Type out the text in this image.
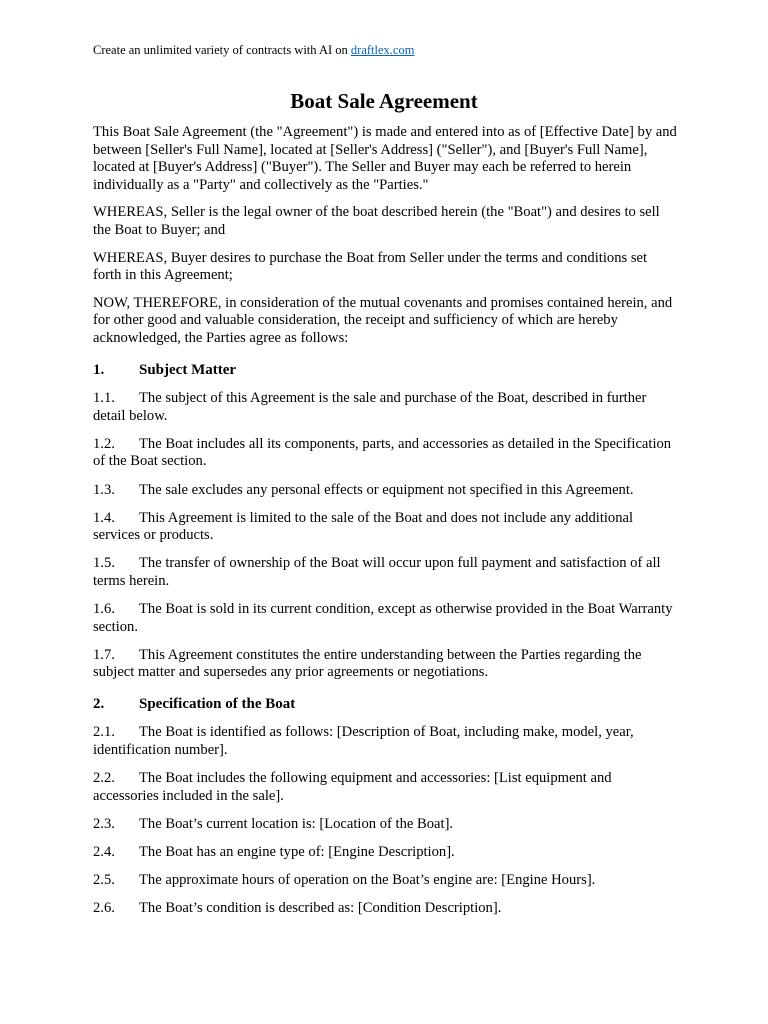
Create an unlimited variety of contracts with AI on draftlex.com
Boat Sale Agreement

This Boat Sale Agreement (the "Agreement") is made and entered into as of [Effective Date] by and between [Seller's Full Name], located at [Seller's Address] ("Seller"), and [Buyer's Full Name], located at [Buyer's Address] ("Buyer"). The Seller and Buyer may each be referred to herein individually as a "Party" and collectively as the "Parties."

WHEREAS, Seller is the legal owner of the boat described herein (the "Boat") and desires to sell the Boat to Buyer; and

WHEREAS, Buyer desires to purchase the Boat from Seller under the terms and conditions set forth in this Agreement;

NOW, THEREFORE, in consideration of the mutual covenants and promises contained herein, and for other good and valuable consideration, the receipt and sufficiency of which are hereby acknowledged, the Parties agree as follows:

1.	Subject Matter
1.1.	The subject of this Agreement is the sale and purchase of the Boat, described in further detail below.
1.2.	The Boat includes all its components, parts, and accessories as detailed in the Specification of the Boat section.
1.3.	The sale excludes any personal effects or equipment not specified in this Agreement.
1.4.	This Agreement is limited to the sale of the Boat and does not include any additional services or products.
1.5.	The transfer of ownership of the Boat will occur upon full payment and satisfaction of all terms herein.
1.6.	The Boat is sold in its current condition, except as otherwise provided in the Boat Warranty section.
1.7.	This Agreement constitutes the entire understanding between the Parties regarding the subject matter and supersedes any prior agreements or negotiations.
2.	Specification of the Boat
2.1.	The Boat is identified as follows: [Description of Boat, including make, model, year, identification number].
2.2.	The Boat includes the following equipment and accessories: [List equipment and accessories included in the sale].
2.3.	The Boat’s current location is: [Location of the Boat].
2.4.	The Boat has an engine type of: [Engine Description].
2.5.	The approximate hours of operation on the Boat’s engine are: [Engine Hours].
2.6.	The Boat’s condition is described as: [Condition Description].
